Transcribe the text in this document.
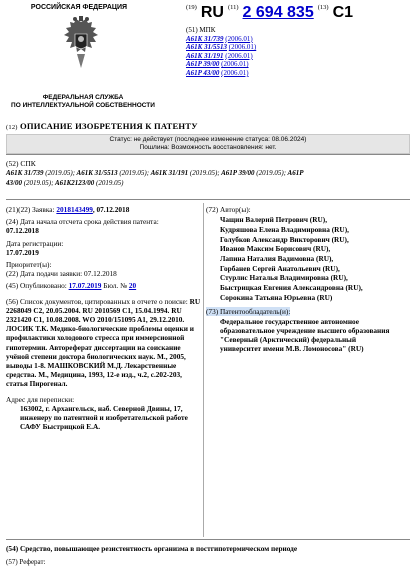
РОССИЙСКАЯ ФЕДЕРАЦИЯ
ФЕДЕРАЛЬНАЯ СЛУЖБА
ПО ИНТЕЛЛЕКТУАЛЬНОЙ СОБСТВЕННОСТИ
$^{(19)}$ RU $^{(11)}$ 2 694 835 $^{(13)}$ C1
(51) МПК
A61K 31/739 (2006.01)
A61K 31/5513 (2006.01)
A61K 31/191 (2006.01)
A61P 39/00 (2006.01)
A61P 43/00 (2006.01)
(12) ОПИСАНИЕ ИЗОБРЕТЕНИЯ К ПАТЕНТУ
Статус: не действует (последнее изменение статуса: 08.06.2024)
Пошлина: Возможность восстановления: нет.
(52) СПК
A61K 31/739 (2019.05); A61K 31/5513 (2019.05); A61K 31/191 (2019.05); A61P 39/00 (2019.05); A61P
43/00 (2019.05); A61K2123/00 (2019.05)
(21)(22) Заявка: 2018143499, 07.12.2018
(24) Дата начала отсчета срока действия патента:
07.12.2018
Дата регистрации:
17.07.2019
Приоритет(ы):
(22) Дата подачи заявки: 07.12.2018
(45) Опубликовано: 17.07.2019 Бюл. № 20
(56) Список документов, цитированных в отчете о поиске: RU 2268049 C2, 20.05.2004. RU 2010569 C1, 15.04.1994. RU 2321420 C1, 10.08.2008. WO 2010/151095 A1, 29.12.2010. ЛОСИК Т.К. Медико-биологические проблемы оценки и профилактики холодового стресса при иммерсионной гипотермии. Автореферат диссертации на соискание учёной степени доктора биологических наук. М., 2005, выводы 1-8. МАШКОВСКИЙ М.Д. Лекарственные средства. М., Медицина, 1993, 12-е изд., ч.2, с.202-203, статья Пирогенал.
Адрес для переписки:
163002, г. Архангельск, наб. Северной Двины, 17, инженеру по патентной и изобретательской работе САФУ Быстрицкой Е.А.
(72) Автор(ы):
Чащин Валерий Петрович (RU),
Кудряшова Елена Владимировна (RU),
Голубков Александр Викторович (RU),
Иванов Максим Борисович (RU),
Лапина Наталия Вадимовна (RU),
Горбанев Сергей Анатольевич (RU),
Стурлис Наталья Владимировна (RU),
Быстрицкая Евгения Александровна (RU),
Сорокина Татьяна Юрьевна (RU)
(73) Патентообладатель(и):
Федеральное государственное автономное образовательное учреждение высшего образования "Северный (Арктический) федеральный университет имени М.В. Ломоносова" (RU)
(54) Средство, повышающее резистентность организма в постгипотермическом периоде
(57) Реферат:
